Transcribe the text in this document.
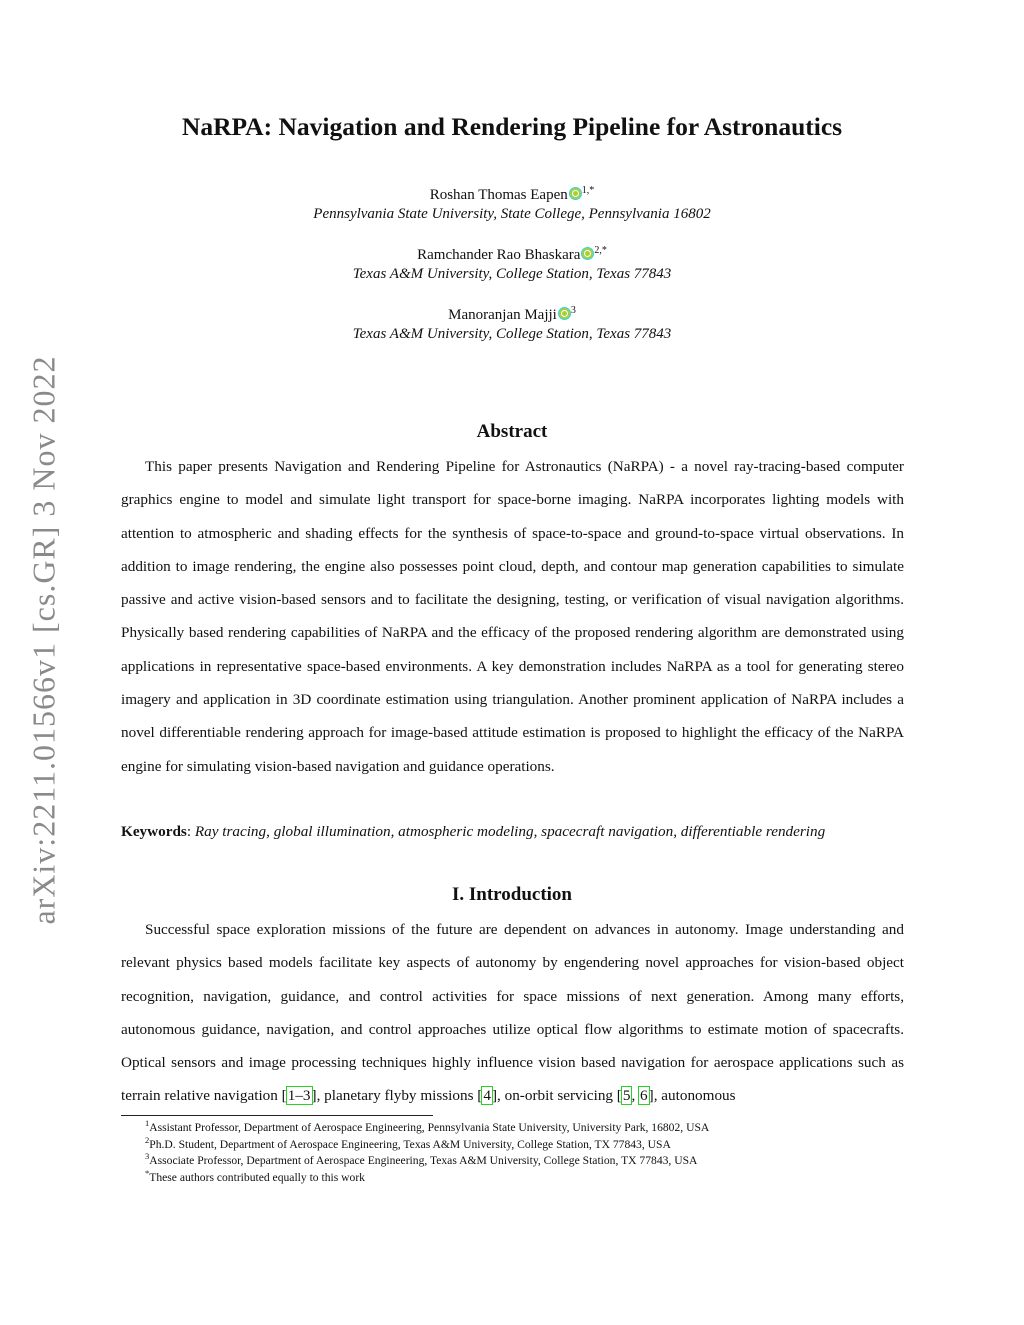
arXiv:2211.01566v1 [cs.GR] 3 Nov 2022
NaRPA: Navigation and Rendering Pipeline for Astronautics
Roshan Thomas Eapen $^{1,*}$
Pennsylvania State University, State College, Pennsylvania 16802
Ramchander Rao Bhaskara $^{2,*}$
Texas A&M University, College Station, Texas 77843
Manoranjan Majji $^3$
Texas A&M University, College Station, Texas 77843
Abstract

This paper presents Navigation and Rendering Pipeline for Astronautics (NaRPA) - a novel ray-tracing-based computer graphics engine to model and simulate light transport for space-borne imaging. NaRPA incorporates lighting models with attention to atmospheric and shading effects for the synthesis of space-to-space and ground-to-space virtual observations. In addition to image rendering, the engine also possesses point cloud, depth, and contour map generation capabilities to simulate passive and active vision-based sensors and to facilitate the designing, testing, or verification of visual navigation algorithms. Physically based rendering capabilities of NaRPA and the efficacy of the proposed rendering algorithm are demonstrated using applications in representative space-based environments. A key demonstration includes NaRPA as a tool for generating stereo imagery and application in 3D coordinate estimation using triangulation. Another prominent application of NaRPA includes a novel differentiable rendering approach for image-based attitude estimation is proposed to highlight the efficacy of the NaRPA engine for simulating vision-based navigation and guidance operations.

Keywords: Ray tracing, global illumination, atmospheric modeling, spacecraft navigation, differentiable rendering
I. Introduction

Successful space exploration missions of the future are dependent on advances in autonomy. Image understanding and relevant physics based models facilitate key aspects of autonomy by engendering novel approaches for vision-based object recognition, navigation, guidance, and control activities for space missions of next generation. Among many efforts, autonomous guidance, navigation, and control approaches utilize optical flow algorithms to estimate motion of spacecrafts. Optical sensors and image processing techniques highly influence vision based navigation for aerospace applications such as terrain relative navigation [1–3], planetary flyby missions [4], on-orbit servicing [5, 6], autonomous

$^1$Assistant Professor, Department of Aerospace Engineering, Pennsylvania State University, University Park, 16802, USA
$^2$Ph.D. Student, Department of Aerospace Engineering, Texas A&M University, College Station, TX 77843, USA
$^3$Associate Professor, Department of Aerospace Engineering, Texas A&M University, College Station, TX 77843, USA
*These authors contributed equally to this work
